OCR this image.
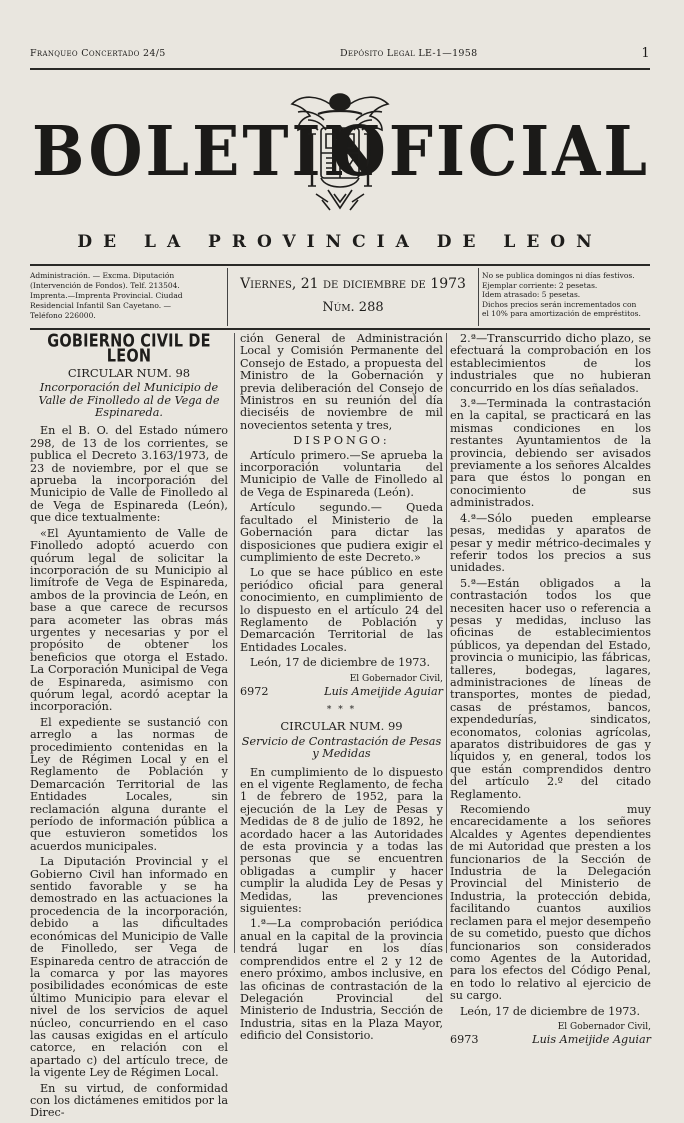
Franqueo Concertado 24/5	Depósito Legal LE-1—1958	1
BOLETIN
OFICIAL
DE LA PROVINCIA DE LEON
Administración. — Excma. Diputación
(Intervención de Fondos). Telf. 213504.
Imprenta.—Imprenta Provincial. Ciudad
Residencial Infantil San Cayetano. —
Teléfono 226000.
Viernes, 21 de diciembre de 1973
Núm. 288
No se publica domingos ni días festivos.
Ejemplar corriente: 2 pesetas.
Idem atrasado: 5 pesetas.
Dichos precios serán incrementados con
el 10% para amortización de empréstitos.
GOBIERNO CIVIL DE LEON
CIRCULAR NUM. 98
Incorporación del Municipio de Valle de Finolledo al de Vega de Espinareda.

En el B. O. del Estado número 298, de 13 de los corrientes, se publica el Decreto 3.163/1973, de 23 de noviembre, por el que se aprueba la incorporación del Municipio de Valle de Finolledo al de Vega de Espinareda (León), que dice textualmente:

«El Ayuntamiento de Valle de Finolledo adoptó acuerdo con quórum legal de solicitar la incorporación de su Municipio al limítrofe de Vega de Espinareda, ambos de la provincia de León, en base a que carece de recursos para acometer las obras más urgentes y necesarias y por el propósito de obtener los beneficios que otorga el Estado. La Corporación Municipal de Vega de Espinareda, asimismo con quórum legal, acordó aceptar la incorporación.

El expediente se sustanció con arreglo a las normas de procedimiento contenidas en la Ley de Régimen Local y en el Reglamento de Población y Demarcación Territorial de las Entidades Locales, sin reclamación alguna durante el período de información pública a que estuvieron sometidos los acuerdos municipales.

La Diputación Provincial y el Gobierno Civil han informado en sentido favorable y se ha demostrado en las actuaciones la procedencia de la incorporación, debido a las dificultades económicas del Municipio de Valle de Finolledo, ser Vega de Espinareda centro de atracción de la comarca y por las mayores posibilidades económicas de este último Municipio para elevar el nivel de los servicios de aquel núcleo, concurriendo en el caso las causas exigidas en el artículo catorce, en relación con el apartado c) del artículo trece, de la vigente Ley de Régimen Local.

En su virtud, de conformidad con los dictámenes emitidos por la Direc-

ción General de Administración Local y Comisión Permanente del Consejo de Estado, a propuesta del Ministro de la Gobernación y previa deliberación del Consejo de Ministros en su reunión del día dieciséis de noviembre de mil novecientos setenta y tres,

DISPONGO:

Artículo primero.—Se aprueba la incorporación voluntaria del Municipio de Valle de Finolledo al de Vega de Espinareda (León).

Artículo segundo.— Queda facultado el Ministerio de la Gobernación para dictar las disposiciones que pudiera exigir el cumplimiento de este Decreto.»

Lo que se hace público en este periódico oficial para general conocimiento, en cumplimiento de lo dispuesto en el artículo 24 del Reglamento de Población y Demarcación Territorial de las Entidades Locales.

León, 17 de diciembre de 1973.

El Gobernador Civil,
6972	Luis Ameijide Aguiar
* * *
CIRCULAR NUM. 99
Servicio de Contrastación de Pesas y Medidas

En cumplimiento de lo dispuesto en el vigente Reglamento, de fecha 1 de febrero de 1952, para la ejecución de la Ley de Pesas y Medidas de 8 de julio de 1892, he acordado hacer a las Autoridades de esta provincia y a todas las personas que se encuentren obligadas a cumplir y hacer cumplir la aludida Ley de Pesas y Medidas, las prevenciones siguientes:

1.ª—La comprobación periódica anual en la capital de la provincia tendrá lugar en los días comprendidos entre el 2 y 12 de enero próximo, ambos inclusive, en las oficinas de contrastación de la Delegación Provincial del Ministerio de Industria, Sección de Industria, sitas en la Plaza Mayor, edificio del Consistorio.

2.ª—Transcurrido dicho plazo, se efectuará la comprobación en los establecimientos de los industriales que no hubieran concurrido en los días señalados.

3.ª—Terminada la contrastación en la capital, se practicará en las mismas condiciones en los restantes Ayuntamientos de la provincia, debiendo ser avisados previamente a los señores Alcaldes para que éstos lo pongan en conocimiento de sus administrados.

4.ª—Sólo pueden emplearse pesas, medidas y aparatos de pesar y medir métrico-decimales y referir todos los precios a sus unidades.

5.ª—Están obligados a la contrastación todos los que necesiten hacer uso o referencia a pesas y medidas, incluso las oficinas de establecimientos públicos, ya dependan del Estado, provincia o municipio, las fábricas, talleres, bodegas, lagares, administraciones de líneas de transportes, montes de piedad, casas de préstamos, bancos, expendedurías, sindicatos, economatos, colonias agrícolas, aparatos distribuidores de gas y líquidos y, en general, todos los que están comprendidos dentro del artículo 2.º del citado Reglamento.

Recomiendo muy encarecidamente a los señores Alcaldes y Agentes dependientes de mi Autoridad que presten a los funcionarios de la Sección de Industria de la Delegación Provincial del Ministerio de Industria, la protección debida, facilitando cuantos auxilios reclamen para el mejor desempeño de su cometido, puesto que dichos funcionarios son considerados como Agentes de la Autoridad, para los efectos del Código Penal, en todo lo relativo al ejercicio de su cargo.

León, 17 de diciembre de 1973.

El Gobernador Civil,
6973	Luis Ameijide Aguiar
